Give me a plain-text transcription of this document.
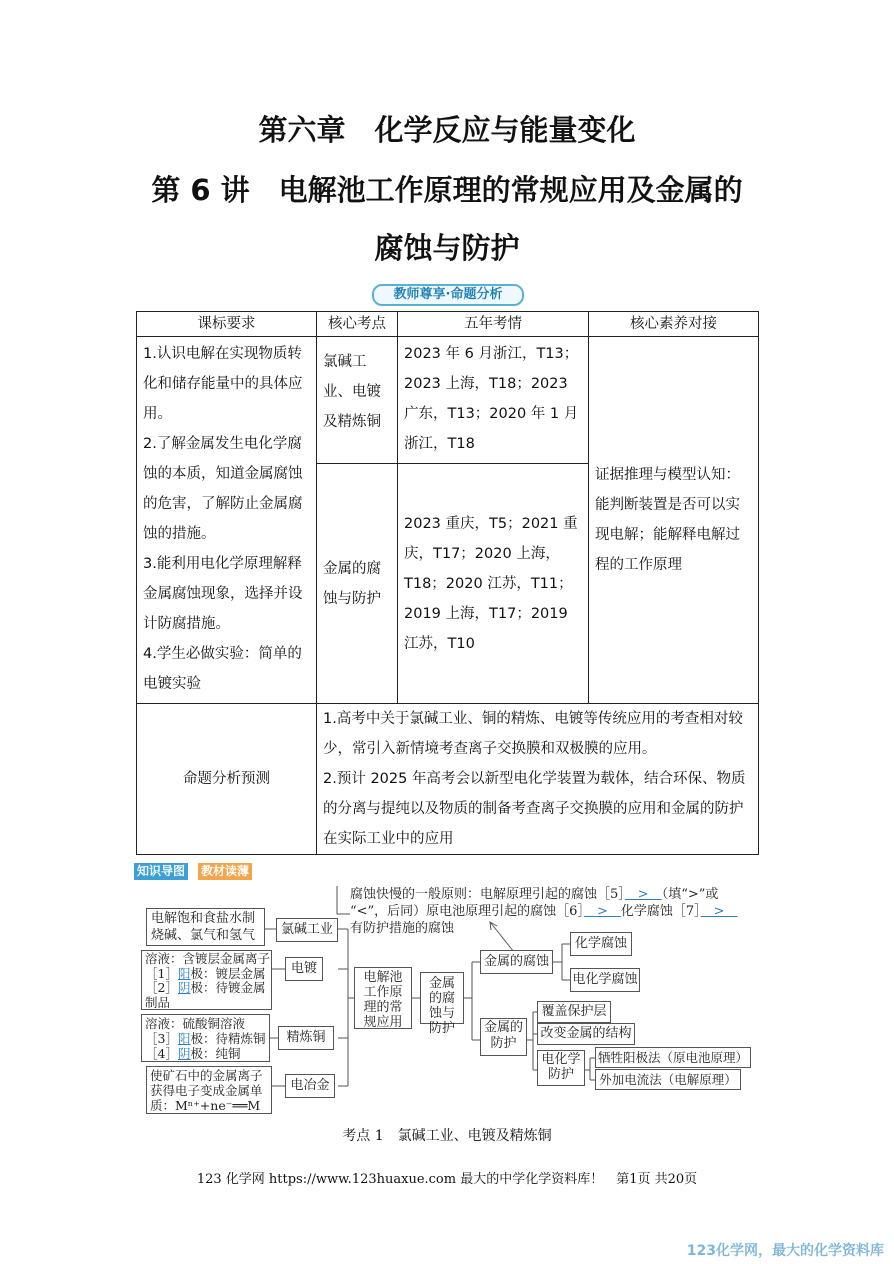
第六章　化学反应与能量变化
第 6 讲　电解池工作原理的常规应用及金属的
腐蚀与防护
教师尊享·命题分析
课标要求	核心考点	五年考情	核心素养对接

1.认识电解在实现物质转化和储存能量中的具体应用。
2.了解金属发生电化学腐蚀的本质，知道金属腐蚀的危害，了解防止金属腐蚀的措施。
3.能利用电化学原理解释金属腐蚀现象，选择并设计防腐措施。
4.学生必做实验：简单的电镀实验	氯碱工业、电镀及精炼铜	2023 年 6 月浙江，T13；2023 上海，T18；2023 广东，T13；2020 年 1 月浙江，T18	证据推理与模型认知：能判断装置是否可以实现电解；能解释电解过程的工作原理
	金属的腐蚀与防护	2023 重庆，T5；2021 重庆，T17；2020 上海，T18；2020 江苏，T11；2019 上海，T17；2019 江苏，T10	
命题分析预测	1.高考中关于氯碱工业、铜的精炼、电镀等传统应用的考查相对较少，常引入新情境考查离子交换膜和双极膜的应用。
2.预计 2025 年高考会以新型电化学装置为载体，结合环保、物质的分离与提纯以及物质的制备考查离子交换膜的应用和金属的防护在实际工业中的应用		
知识导图 教材读薄
腐蚀快慢的一般原则：电解原理引起的腐蚀［5］　>　（填“>”或
“<”，后同）原电池原理引起的腐蚀［6］　>　化学腐蚀［7］　>　
有防护措施的腐蚀
电解饱和食盐水制烧碱、氯气和氢气
溶液：含镀层金属离子
［1］阳极：镀层金属
［2］阴极：待镀金属
制品
溶液：硫酸铜溶液
［3］阳极：待精炼铜
［4］阴极：纯铜
使矿石中的金属离子获得电子变成金属单质：Mⁿ⁺+ne⁻══M
氯碱工业
电镀
精炼铜
电冶金
电解池工作原理的常规应用
金属的腐蚀与防护
金属的腐蚀
金属的防护
化学腐蚀
电化学腐蚀
覆盖保护层
改变金属的结构
电化学防护
牺牲阳极法（原电池原理）
外加电流法（电解原理）
考点 1　氯碱工业、电镀及精炼铜
123 化学网 https://www.123huaxue.com 最大的中学化学资料库！　第1页 共20页
123化学网，最大的化学资料库
